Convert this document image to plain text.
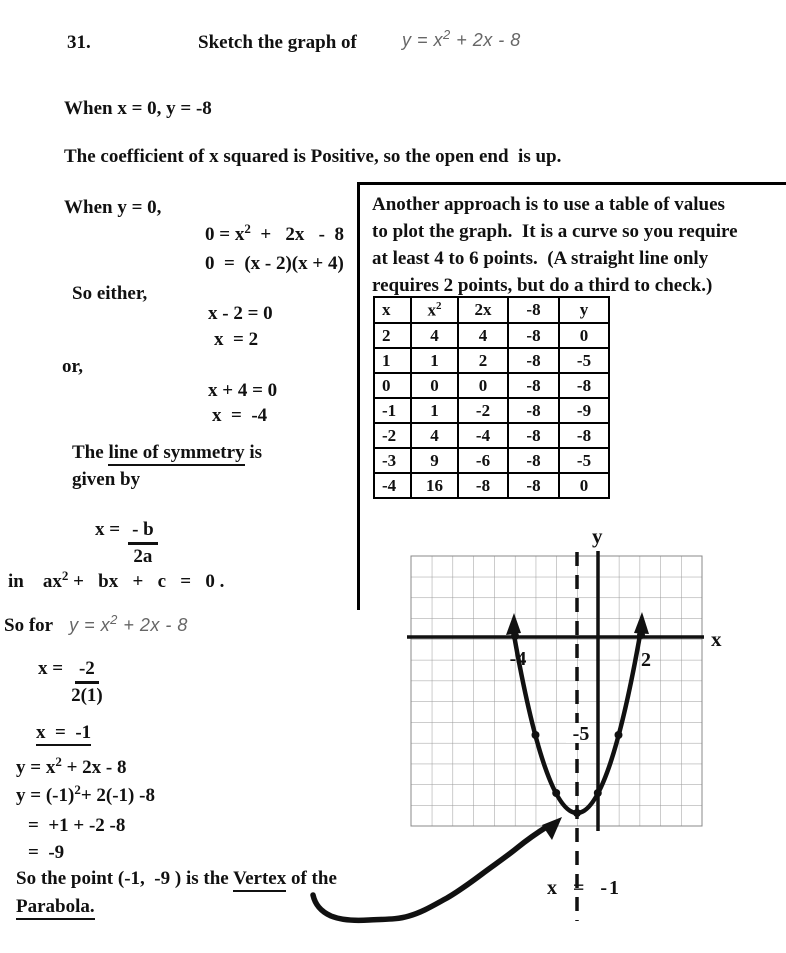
31.	Sketch the graph of	$y = x^2 + 2x - 8$
When x = 0, y = -8
The coefficient of x squared is Positive, so the open end  is up.
When y = 0,
$0 = x^2 + 2x - 8$
0  =  (x - 2)(x + 4)
So either,
x - 2 = 0
x  = 2
or,
x + 4 = 0
x  =  -4
The line of symmetry is
given by
$x = \frac{- b}{2a}$
in    $ax^2$ +   bx   +   c   =   0 .
So for $y = x^2 + 2x - 8$
$x = \frac{-2}{2(1)}$
x  =  -1
$y = x^2 + 2x - 8$
$y = (-1)^2+ 2(-1)$ -8
=  +1 + -2 -8
=  -9
So the point (-1,  -9 ) is the Vertex of the
Parabola.
Another approach is to use a table of values
to plot the graph.  It is a curve so you require
at least 4 to 6 points.  (A straight line only
requires 2 points, but do a third to check.)
x	$x^2$	2x	-8	y
2	4	4	-8	0
1	1	2	-8	-5
0	0	0	-8	-8
-1	1	-2	-8	-9
-2	4	-4	-8	-8
-3	9	-6	-8	-5
-4	16	-8	-8	0
y
x
-4	2
-5
x  =  -1
